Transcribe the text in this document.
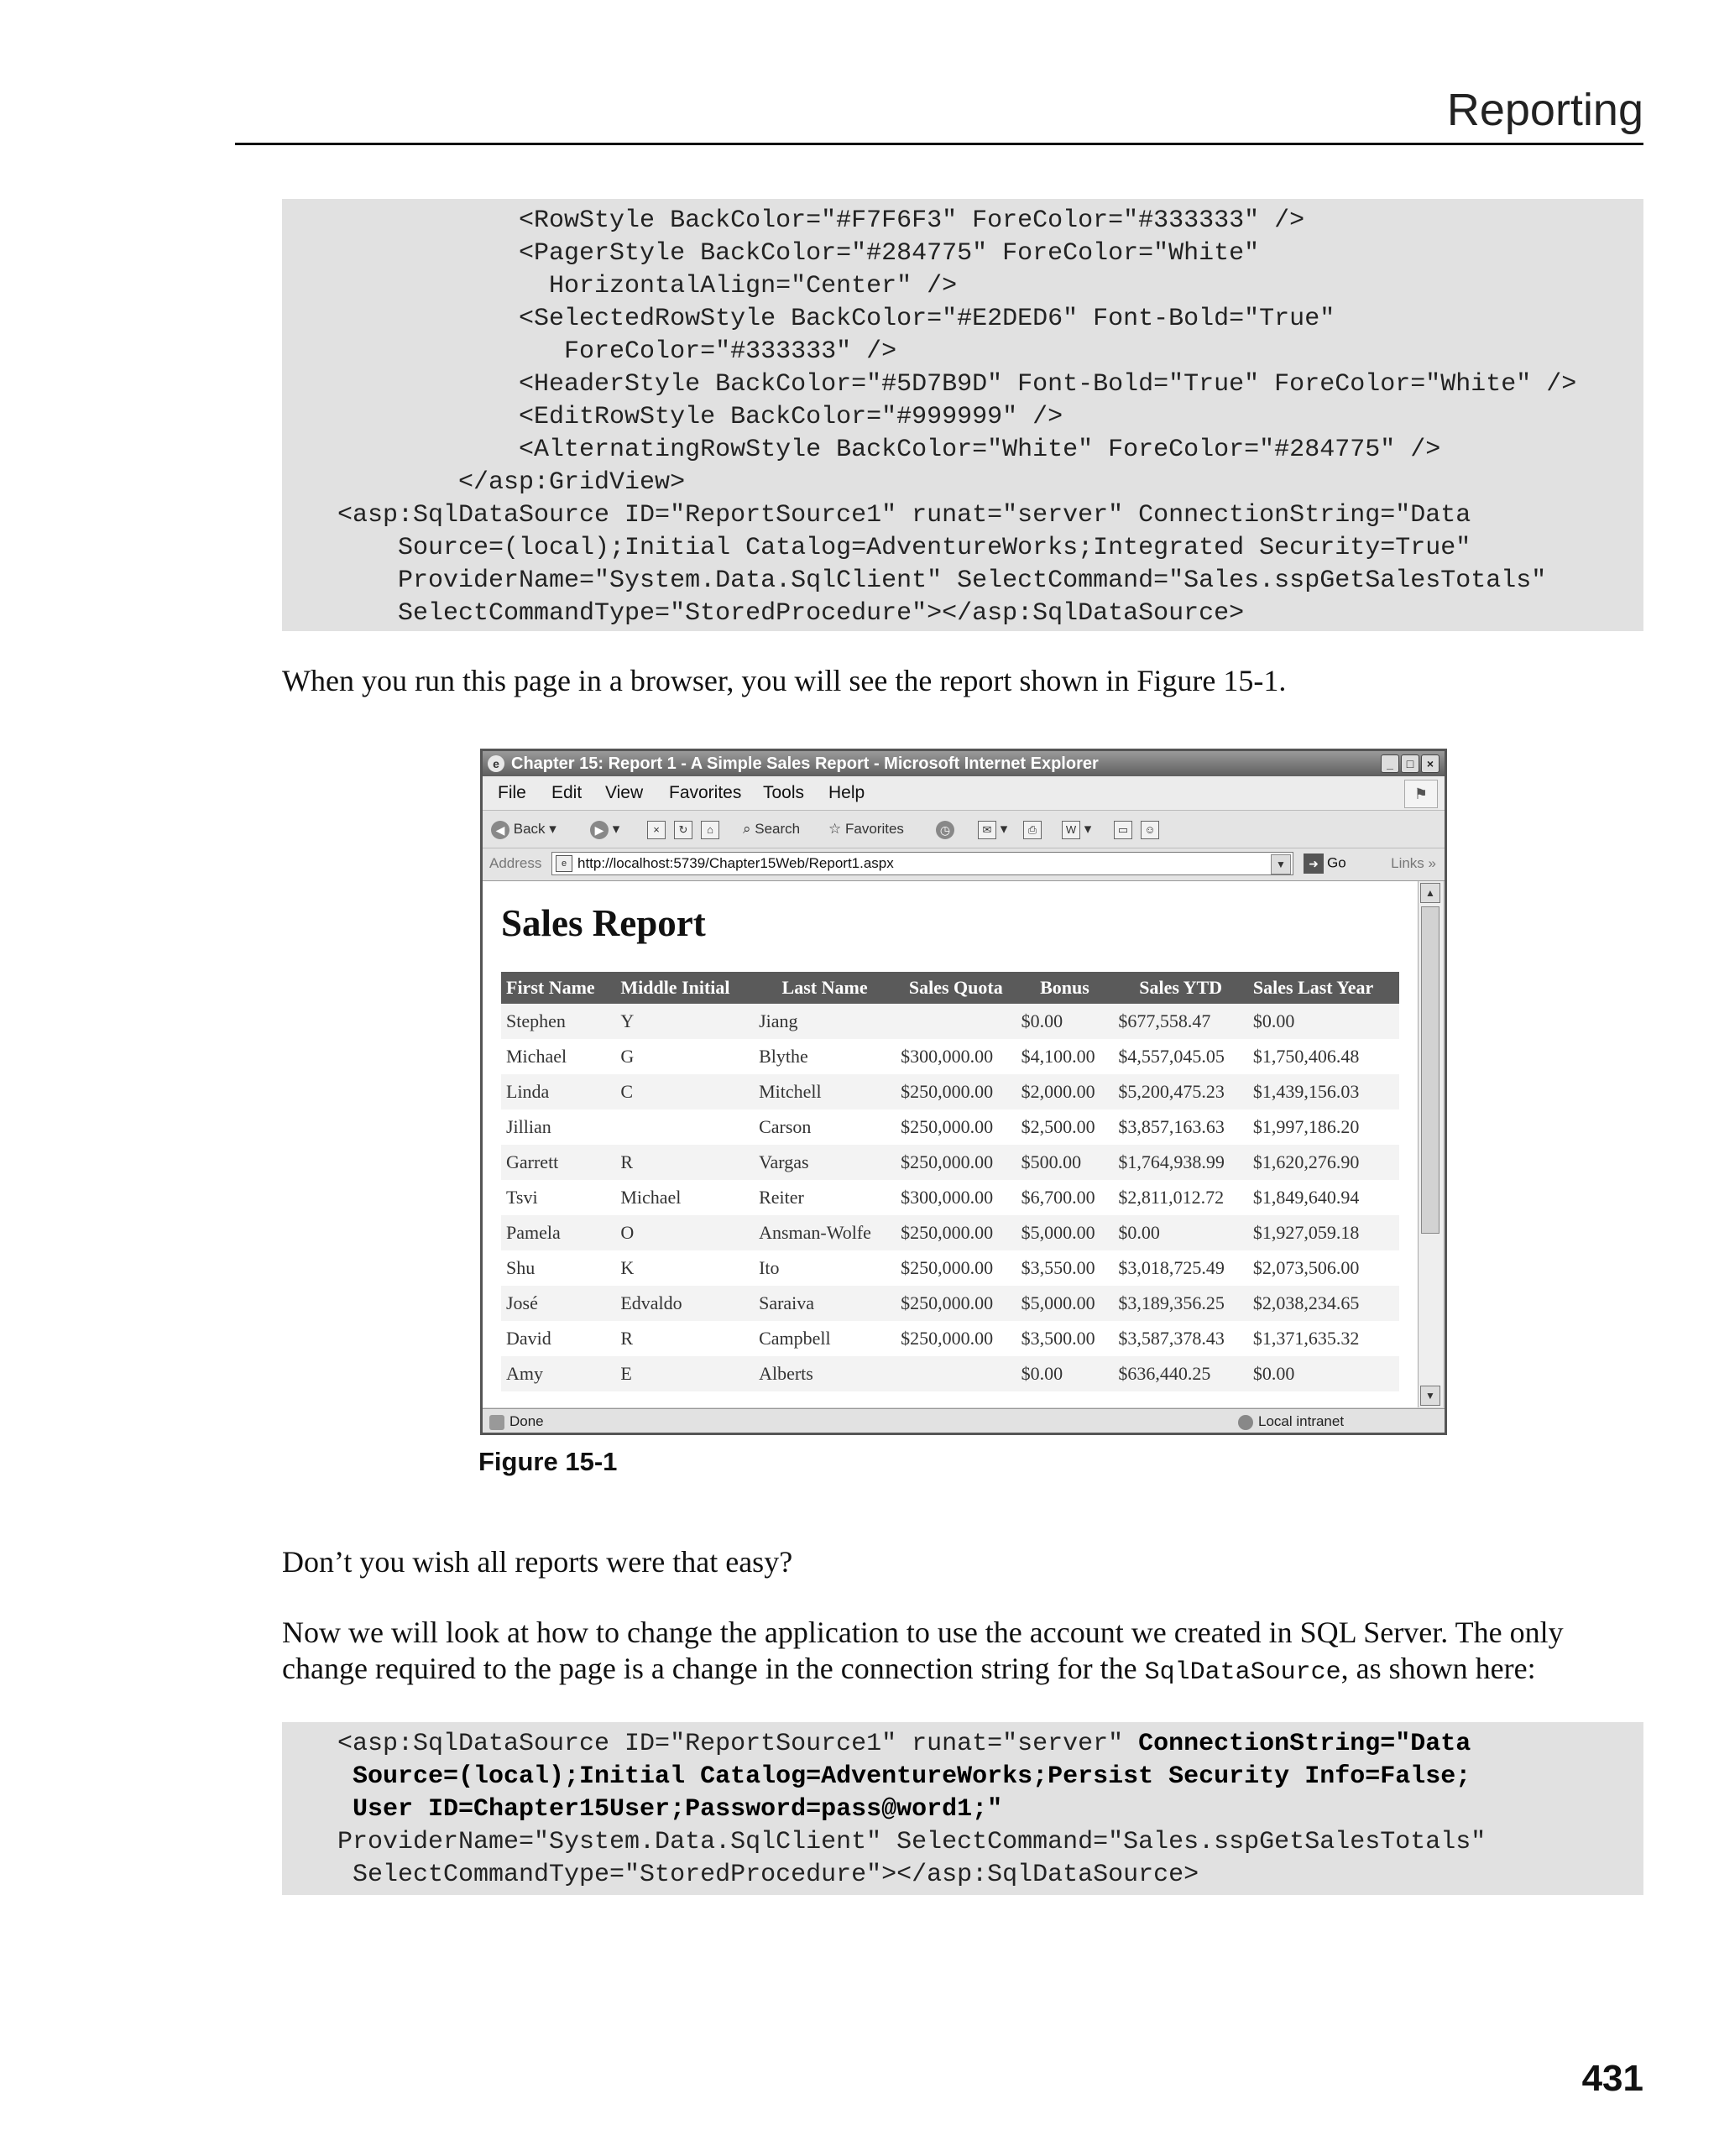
Reporting
<RowStyle BackColor="#F7F6F3" ForeColor="#333333" />
<PagerStyle BackColor="#284775" ForeColor="White"
HorizontalAlign="Center" />
<SelectedRowStyle BackColor="#E2DED6" Font-Bold="True"
ForeColor="#333333" />
<HeaderStyle BackColor="#5D7B9D" Font-Bold="True" ForeColor="White" />
<EditRowStyle BackColor="#999999" />
<AlternatingRowStyle BackColor="White" ForeColor="#284775" />
</asp:GridView>
<asp:SqlDataSource ID="ReportSource1" runat="server" ConnectionString="Data
Source=(local);Initial Catalog=AdventureWorks;Integrated Security=True"
ProviderName="System.Data.SqlClient" SelectCommand="Sales.sspGetSalesTotals"
SelectCommandType="StoredProcedure"></asp:SqlDataSource>
When you run this page in a browser, you will see the report shown in Figure 15-1.
e Chapter 15: Report 1 - A Simple Sales Report - Microsoft Internet Explorer	_	□	×
File Edit View Favorites Tools Help	⚑
◀ Back ▾	▶ ▾	×	↻	⌂	⌕ Search ☆ Favorites	◷	✉ ▾	⎙	W ▾	▭	☺
Address	e http://localhost:5739/Chapter15Web/Report1.aspx	▼	➜ Go	Links »
Sales Report
First Name	Middle Initial	Last Name	Sales Quota	Bonus	Sales YTD	Sales Last Year
Stephen	Y	Jiang		$0.00	$677,558.47	$0.00
Michael	G	Blythe	$300,000.00	$4,100.00	$4,557,045.05	$1,750,406.48
Linda	C	Mitchell	$250,000.00	$2,000.00	$5,200,475.23	$1,439,156.03
Jillian		Carson	$250,000.00	$2,500.00	$3,857,163.63	$1,997,186.20
Garrett	R	Vargas	$250,000.00	$500.00	$1,764,938.99	$1,620,276.90
Tsvi	Michael	Reiter	$300,000.00	$6,700.00	$2,811,012.72	$1,849,640.94
Pamela	O	Ansman-Wolfe	$250,000.00	$5,000.00	$0.00	$1,927,059.18
Shu	K	Ito	$250,000.00	$3,550.00	$3,018,725.49	$2,073,506.00
José	Edvaldo	Saraiva	$250,000.00	$5,000.00	$3,189,356.25	$2,038,234.65
David	R	Campbell	$250,000.00	$3,500.00	$3,587,378.43	$1,371,635.32
Amy	E	Alberts		$0.00	$636,440.25	$0.00
▲
▼
Done	Local intranet
Figure 15-1
Don’t you wish all reports were that easy?
Now we will look at how to change the application to use the account we created in SQL Server. The only change required to the page is a change in the connection string for the SqlDataSource, as shown here:
<asp:SqlDataSource ID="ReportSource1" runat="server" ConnectionString="Data
Source=(local);Initial Catalog=AdventureWorks;Persist Security Info=False;
User ID=Chapter15User;Password=pass@word1;"
ProviderName="System.Data.SqlClient" SelectCommand="Sales.sspGetSalesTotals"
SelectCommandType="StoredProcedure"></asp:SqlDataSource>
431
